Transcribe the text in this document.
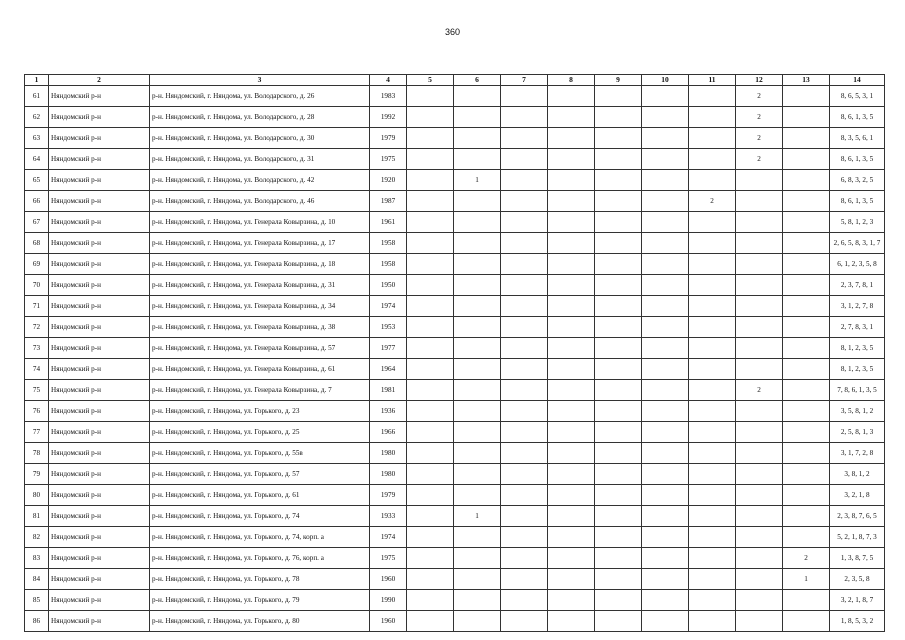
360
1	2	3	4	5	6	7	8	9	10	11	12	13	14
61	Няндомский р-н	р-н. Няндомский, г. Няндома, ул. Володарского, д. 26	1983								2		8, 6, 5, 3, 1
62	Няндомский р-н	р-н. Няндомский, г. Няндома, ул. Володарского, д. 28	1992								2		8, 6, 1, 3, 5
63	Няндомский р-н	р-н. Няндомский, г. Няндома, ул. Володарского, д. 30	1979								2		8, 3, 5, 6, 1
64	Няндомский р-н	р-н. Няндомский, г. Няндома, ул. Володарского, д. 31	1975								2		8, 6, 1, 3, 5
65	Няндомский р-н	р-н. Няндомский, г. Няндома, ул. Володарского, д. 42	1920		1								6, 8, 3, 2, 5
66	Няндомский р-н	р-н. Няндомский, г. Няндома, ул. Володарского, д. 46	1987							2			8, 6, 1, 3, 5
67	Няндомский р-н	р-н. Няндомский, г. Няндома, ул. Генерала Ковырзина, д. 10	1961										5, 8, 1, 2, 3
68	Няндомский р-н	р-н. Няндомский, г. Няндома, ул. Генерала Ковырзина, д. 17	1958										2, 6, 5, 8, 3, 1, 7
69	Няндомский р-н	р-н. Няндомский, г. Няндома, ул. Генерала Ковырзина, д. 18	1958										6, 1, 2, 3, 5, 8
70	Няндомский р-н	р-н. Няндомский, г. Няндома, ул. Генерала Ковырзина, д. 31	1950										2, 3, 7, 8, 1
71	Няндомский р-н	р-н. Няндомский, г. Няндома, ул. Генерала Ковырзина, д. 34	1974										3, 1, 2, 7, 8
72	Няндомский р-н	р-н. Няндомский, г. Няндома, ул. Генерала Ковырзина, д. 38	1953										2, 7, 8, 3, 1
73	Няндомский р-н	р-н. Няндомский, г. Няндома, ул. Генерала Ковырзина, д. 57	1977										8, 1, 2, 3, 5
74	Няндомский р-н	р-н. Няндомский, г. Няндома, ул. Генерала Ковырзина, д. 61	1964										8, 1, 2, 3, 5
75	Няндомский р-н	р-н. Няндомский, г. Няндома, ул. Генерала Ковырзина, д. 7	1981								2		7, 8, 6, 1, 3, 5
76	Няндомский р-н	р-н. Няндомский, г. Няндома, ул. Горького, д. 23	1936										3, 5, 8, 1, 2
77	Няндомский р-н	р-н. Няндомский, г. Няндома, ул. Горького, д. 25	1966										2, 5, 8, 1, 3
78	Няндомский р-н	р-н. Няндомский, г. Няндома, ул. Горького, д. 55в	1980										3, 1, 7, 2, 8
79	Няндомский р-н	р-н. Няндомский, г. Няндома, ул. Горького, д. 57	1980										3, 8, 1, 2
80	Няндомский р-н	р-н. Няндомский, г. Няндома, ул. Горького, д. 61	1979										3, 2, 1, 8
81	Няндомский р-н	р-н. Няндомский, г. Няндома, ул. Горького, д. 74	1933		1								2, 3, 8, 7, 6, 5
82	Няндомский р-н	р-н. Няндомский, г. Няндома, ул. Горького, д. 74, корп. а	1974										5, 2, 1, 8, 7, 3
83	Няндомский р-н	р-н. Няндомский, г. Няндома, ул. Горького, д. 76, корп. а	1975									2	1, 3, 8, 7, 5
84	Няндомский р-н	р-н. Няндомский, г. Няндома, ул. Горького, д. 78	1960									1	2, 3, 5, 8
85	Няндомский р-н	р-н. Няндомский, г. Няндома, ул. Горького, д. 79	1990										3, 2, 1, 8, 7
86	Няндомский р-н	р-н. Няндомский, г. Няндома, ул. Горького, д. 80	1960										1, 8, 5, 3, 2
